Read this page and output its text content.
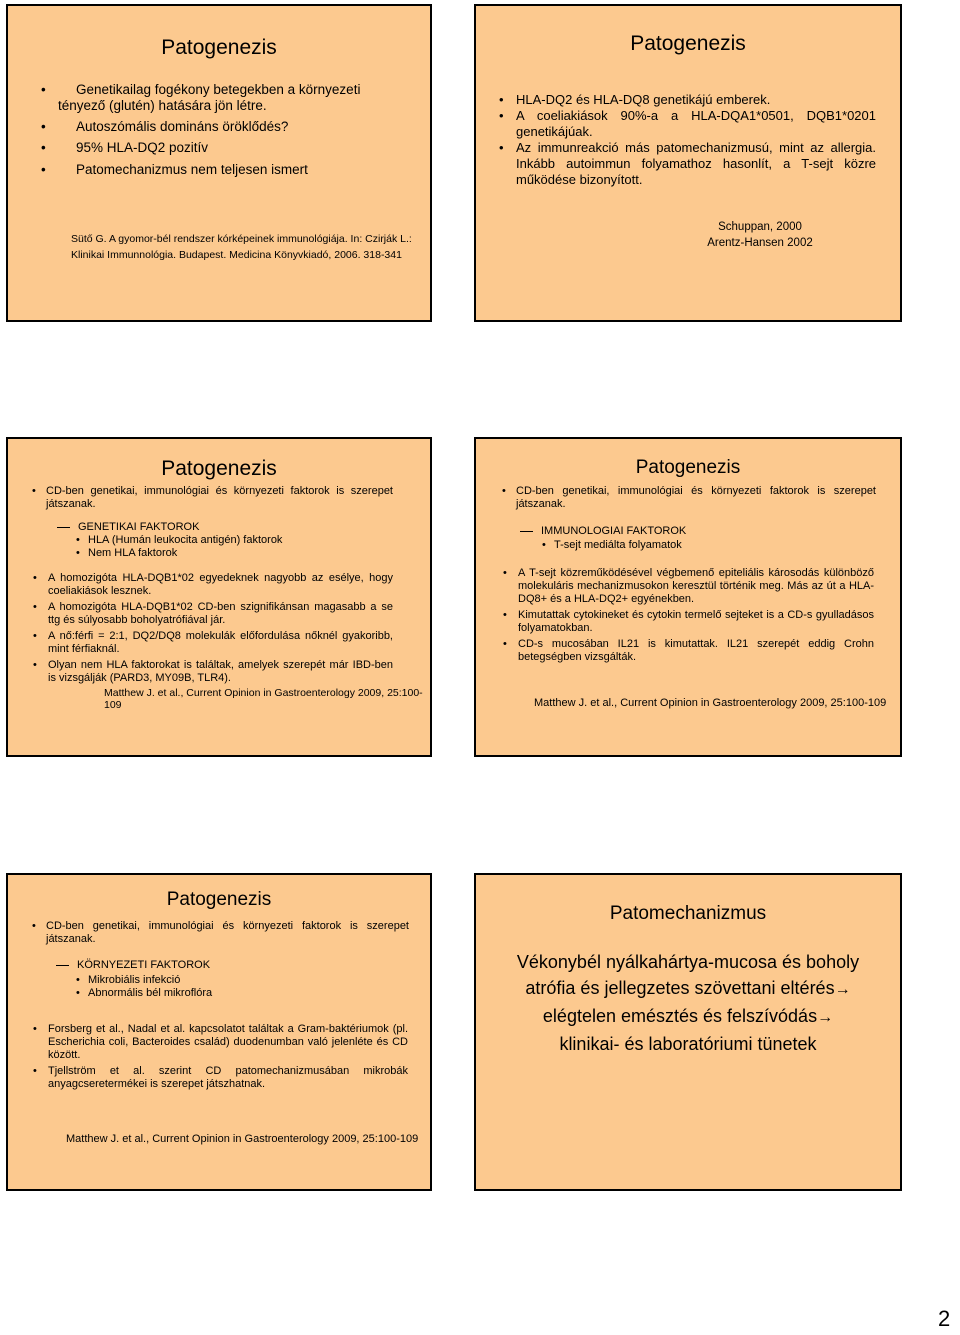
Patogenezis
•	Genetikailag fogékony betegekben a környezeti tényező (glutén) hatására jön létre.
•	Autoszómális domináns öröklődés?
•	95% HLA-DQ2 pozitív
•	Patomechanizmus nem teljesen ismert
Sütő G. A gyomor-bél rendszer kórképeinek immunológiája. In: Czirják L.: Klinikai Immunnológia. Budapest. Medicina Könyvkiadó, 2006. 318-341
Patogenezis
• HLA-DQ2 és HLA-DQ8 genetikájú emberek.
• A coeliakiások 90%-a a HLA-DQA1*0501, DQB1*0201 genetikájúak.
• Az immunreakció más patomechanizmusú, mint az allergia. Inkább autoimmun folyamathoz hasonlít, a T-sejt közre működése bizonyított.
Schuppan, 2000
Arentz-Hansen 2002
Patogenezis
• CD-ben genetikai, immunológiai és környezeti faktorok is szerepet játszanak.
GENETIKAI FAKTOROK
• HLA (Humán leukocita antigén) faktorok
• Nem HLA faktorok
• A homozigóta HLA-DQB1*02 egyedeknek nagyobb az esélye, hogy coeliakiások lesznek.
• A homozigóta HLA-DQB1*02 CD-ben szignifikánsan magasabb a se ttg és súlyosabb boholyatrófiával jár.
• A nő:férfi = 2:1, DQ2/DQ8 molekulák előfordulása nőknél gyakoribb, mint férfiaknál.
• Olyan nem HLA faktorokat is találtak, amelyek szerepét már IBD-ben is vizsgálják (PARD3, MY09B, TLR4).
Matthew J. et al., Current Opinion in Gastroenterology 2009, 25:100-109
Patogenezis
• CD-ben genetikai, immunológiai és környezeti faktorok is szerepet játszanak.
IMMUNOLOGIAI FAKTOROK
• T-sejt mediálta folyamatok
• A T-sejt közreműködésével végbemenő epiteliális károsodás különböző molekuláris mechanizmusokon keresztül történik meg. Más az út a HLA-DQ8+ és a HLA-DQ2+ egyénekben.
• Kimutattak cytokineket és cytokin termelő sejteket is a CD-s gyulladásos folyamatokban.
• CD-s mucosában IL21 is kimutattak. IL21 szerepét eddig Crohn betegségben vizsgálták.
Matthew J. et al., Current Opinion in Gastroenterology 2009, 25:100-109
Patogenezis
• CD-ben genetikai, immunológiai és környezeti faktorok is szerepet játszanak.
KÖRNYEZETI FAKTOROK
• Mikrobiális infekció
• Abnormális bél mikroflóra
• Forsberg et al., Nadal et al. kapcsolatot találtak a Gram-baktériumok (pl. Escherichia coli, Bacteroides család) duodenumban való jelenléte és CD között.
• Tjellström et al. szerint CD patomechanizmusában mikrobák anyagcseretermékei is szerepet játszhatnak.
Matthew J. et al., Current Opinion in Gastroenterology 2009, 25:100-109
Patomechanizmus
Vékonybél nyálkahártya-mucosa és boholy
atrófia és jellegzetes szövettani eltérés→
elégtelen emésztés és felszívódás→
klinikai- és laboratóriumi tünetek
2
